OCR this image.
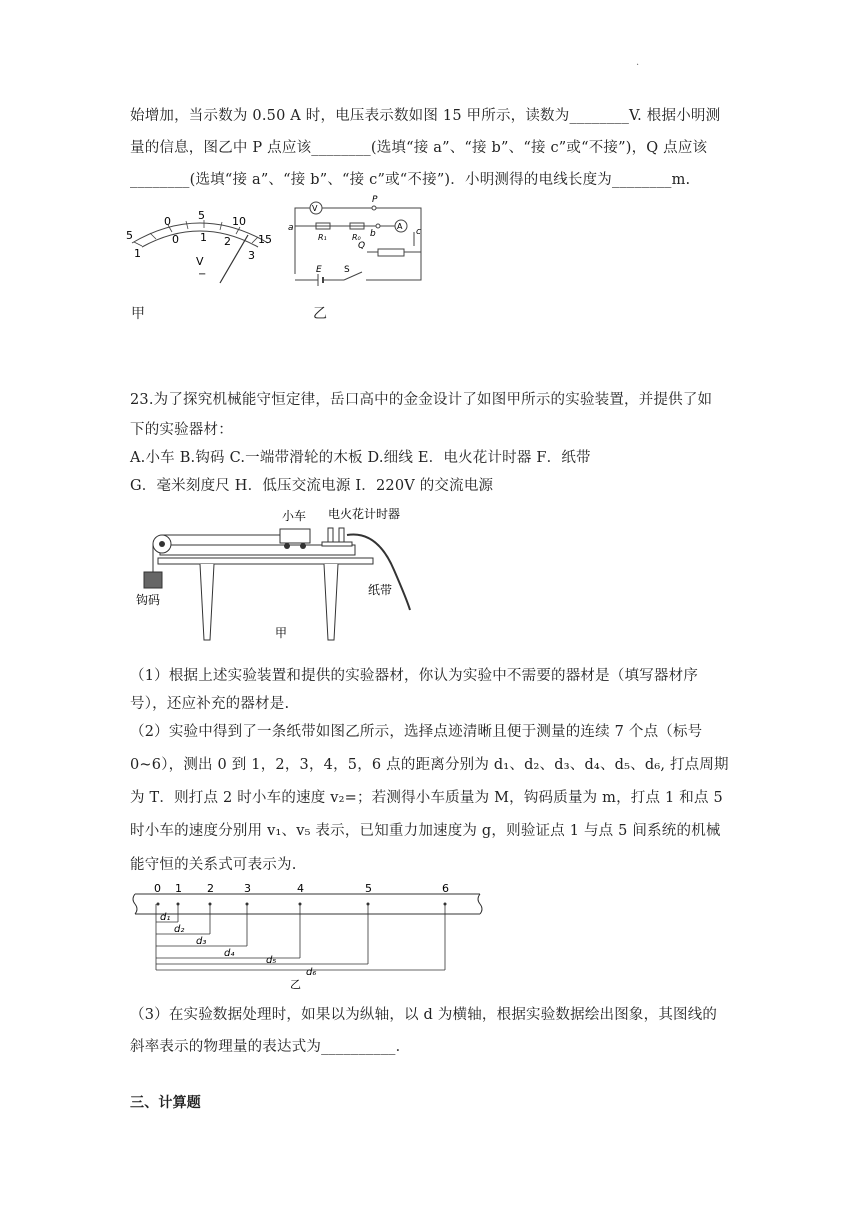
·
始增加，当示数为 0.50 A 时，电压表示数如图 15 甲所示，读数为________V. 根据小明测
量的信息，图乙中 P 点应该________(选填“接 a”、“接 b”、“接 c”或“不接”)，Q 点应该
________(选填“接 a”、“接 b”、“接 c”或“不接”)．小明测得的电线长度为________m.
5
0 5 10
15
1
0 1 2
3
V
−
V
P
a
R₁	R₀ b
A
c
Q
E S
甲	乙
23.为了探究机械能守恒定律，岳口高中的金金设计了如图甲所示的实验装置，并提供了如
下的实验器材：
A.小车 B.钩码 C.一端带滑轮的木板 D.细线 E．电火花计时器 F．纸带
G．毫米刻度尺 H．低压交流电源 I．220V 的交流电源
小车 电火花计时器
钩码
纸带
甲
（1）根据上述实验装置和提供的实验器材，你认为实验中不需要的器材是（填写器材序
号），还应补充的器材是.
（2）实验中得到了一条纸带如图乙所示，选择点迹清晰且便于测量的连续 7 个点（标号
0~6），测出 0 到 1，2，3，4，5，6 点的距离分别为 d₁、d₂、d₃、d₄、d₅、d₆, 打点周期
为 T．则打点 2 时小车的速度 v₂=；若测得小车质量为 M，钩码质量为 m，打点 1 和点 5
时小车的速度分别用 v₁、v₅ 表示，已知重力加速度为 g，则验证点 1 与点 5 间系统的机械
能守恒的关系式可表示为.
0 1 2	3	4	5	6
d₁
d₂
d₃
d₄
d₅
d₆
乙
（3）在实验数据处理时，如果以为纵轴，以 d 为横轴，根据实验数据绘出图象，其图线的
斜率表示的物理量的表达式为__________．
三、计算题
